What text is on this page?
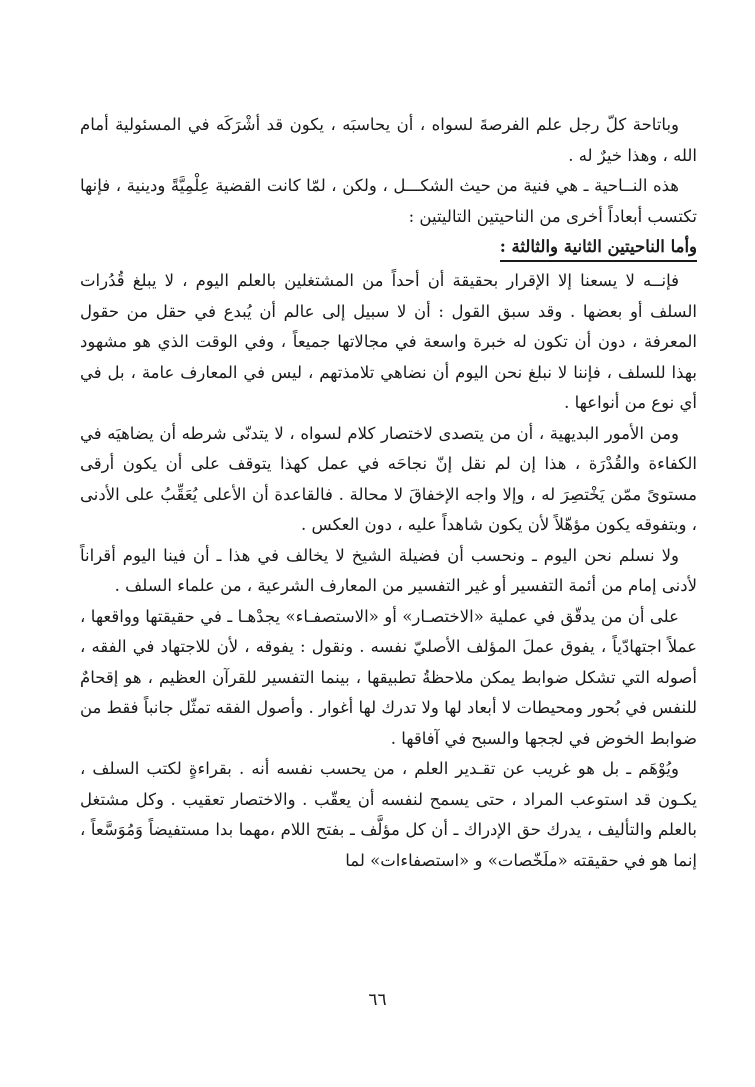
وباتاحة كلّ رجل علم الفرصةَ لسواه ، أن يحاسبَه ، يكون قد أشْرَكَه في المسئولية أمام الله ، وهذا خيرٌ له .

هذه النــاحية ـ هي فنية من حيث الشكـــل ، ولكن ، لمّا كانت القضية عِلْمِيَّةً ودينية ، فإنها تكتسب أبعاداً أخرى من الناحيتين التاليتين :

وأما الناحيتين الثانية والثالثة :

فإنــه لا يسعنا إلا الإقرار بحقيقة أن أحداً من المشتغلين بالعلم اليوم ، لا يبلغ قُدُرات السلف أو بعضها . وقد سبق القول : أن لا سبيل إلى عالم أن يُبدع في حقل من حقول المعرفة ، دون أن تكون له خبرة واسعة في مجالاتها جميعاً ، وفي الوقت الذي هو مشهود بهذا للسلف ، فإننا لا نبلغ نحن اليوم أن نضاهي تلامذتهم ، ليس في المعارف عامة ، بل في أي نوع من أنواعها .

ومن الأمور البديهية ، أن من يتصدى لاختصار كلام لسواه ، لا يتدنّى شرطه أن يضاهيَه في الكفاءة والقُدْرَة ، هذا إن لم نقل إنّ نجاحَه في عمل كهذا يتوقف على أن يكون أرقى مستوىً ممّن يَخْتصِرَ له ، وإلا واجه الإخفاقَ لا محالة . فالقاعدة أن الأعلى يُعَقِّبُ على الأدنى ، وبتفوقه يكون مؤهّلاً لأن يكون شاهداً عليه ، دون العكس .

ولا نسلم نحن اليوم ـ ونحسب أن فضيلة الشيخ لا يخالف في هذا ـ أن فينا اليوم أقراناً لأدنى إمام من أئمة التفسير أو غير التفسير من المعارف الشرعية ، من علماء السلف .

على أن من يدقّق في عملية «الاختصـار» أو «الاستصفـاء» يجدْهـا ـ في حقيقتها وواقعها ، عملاً اجتهادّياً ، يفوق عملَ المؤلف الأصليّ نفسه . ونقول : يفوقه ، لأن للاجتهاد في الفقه ، أصوله التي تشكل ضوابط يمكن ملاحظةُ تطبيقها ، بينما التفسير للقرآن العظيم ، هو إقحامٌ للنفس في بُحور ومحيطات لا أبعاد لها ولا تدرك لها أغوار . وأصول الفقه تمثّل جانباً فقط من ضوابط الخوض في لججها والسبح في آفاقها .

ويُوْهَم ـ بل هو غريب عن تقـدير العلم ، من يحسب نفسه أنه . بقراءةٍ لكتب السلف ، يكـون قد استوعب المراد ، حتى يسمح لنفسه أن يعقّب . والاختصار تعقيب . وكل مشتغل بالعلم والتأليف ، يدرك حق الإدراك ـ أن كل مؤلَّف ـ بفتح اللام ،مهما بدا مستفيضاً وَمُوَسَّعاً ، إنما هو في حقيقته «ملَخّصات» و «استصفاءات» لما

٦٦
